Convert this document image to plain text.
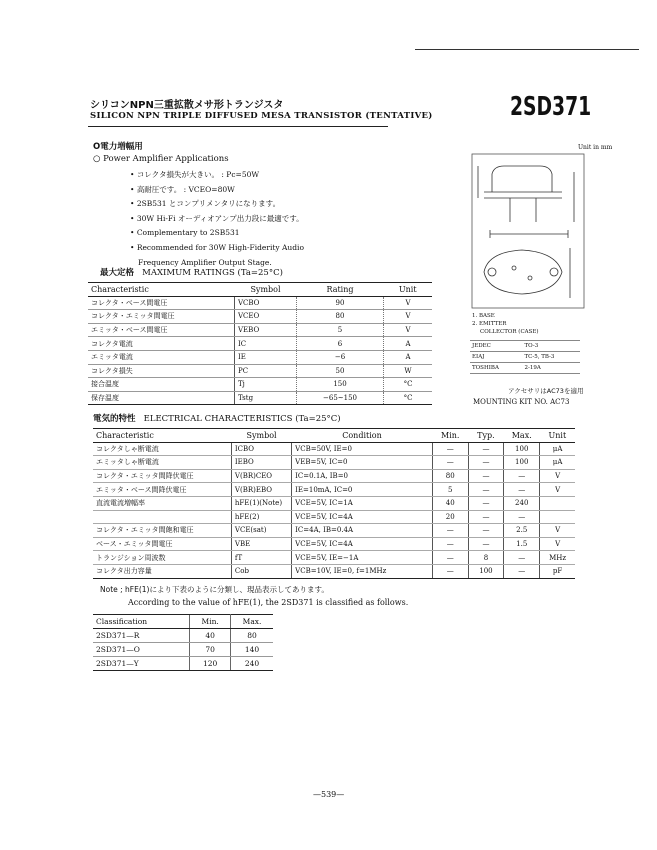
シリコンNPN三重拡散メサ形トランジスタ
SILICON NPN TRIPLE DIFFUSED MESA TRANSISTOR (TENTATIVE)	2SD371
O電力増幅用
○ Power Amplifier Applications
• コレクタ損失が大きい。 : Pc=50W
• 高耐圧です。 : VCEO=80W
• 2SB531 とコンプリメンタリになります。
• 30W Hi-Fi オーディオアンプ出力段に最適です。
• Complementary to 2SB531
• Recommended for 30W High-Fiderity Audio
Frequency Amplifier Output Stage.
最大定格 MAXIMUM RATINGS (Ta=25°C)
Characteristic	Symbol	Rating	Unit
コレクタ・ベース間電圧	VCBO	90	V
コレクタ・エミッタ間電圧	VCEO	80	V
エミッタ・ベース間電圧	VEBO	5	V
コレクタ電流	IC	6	A
エミッタ電流	IE	−6	A
コレクタ損失	PC	50	W
接合温度	Tj	150	°C
保存温度	Tstg	−65~150	°C
電気的特性 ELECTRICAL CHARACTERISTICS (Ta=25°C)
Characteristic	Symbol	Condition	Min.	Typ.	Max.	Unit
コレクタしゃ断電流	ICBO	VCB=50V, IE=0	—	—	100	μA
エミッタしゃ断電流	IEBO	VEB=5V, IC=0	—	—	100	μA
コレクタ・エミッタ間降伏電圧	V(BR)CEO	IC=0.1A, IB=0	80	—	—	V
エミッタ・ベース間降伏電圧	V(BR)EBO	IE=10mA, IC=0	5	—	—	V
直流電流増幅率	hFE(1)(Note)	VCE=5V, IC=1A	40	—	240	
	hFE(2)	VCE=5V, IC=4A	20	—	—	
コレクタ・エミッタ間飽和電圧	VCE(sat)	IC=4A, IB=0.4A	—	—	2.5	V
ベース・エミッタ間電圧	VBE	VCE=5V, IC=4A	—	—	1.5	V
トランジション周波数	fT	VCE=5V, IE=−1A	—	8	—	MHz
コレクタ出力容量	Cob	VCB=10V, IE=0, f=1MHz	—	100	—	pF
Note ; hFE(1)により下表のように分類し、現品表示してあります。
According to the value of hFE(1), the 2SD371 is classified as follows.
Classification	Min.	Max.
2SD371—R	40	80
2SD371—O	70	140
2SD371—Y	120	240
Unit in mm
1. BASE
2. EMITTER
COLLECTOR (CASE)
JEDEC	TO-3
EIAJ	TC-5, TB-3
TOSHIBA	2-19A
アクセサリはAC73を適用
MOUNTING KIT NO. AC73
—539—
